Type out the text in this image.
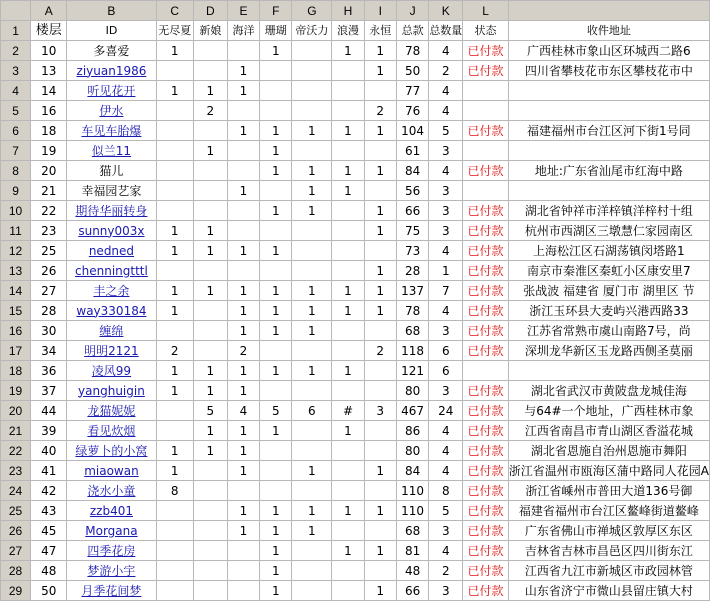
	A	B	C	D	E	F	G	H	I	J	K	L	
1	楼层	ID	无尽夏	新娘	海洋	珊瑚	帝沃力	浪漫	永恒	总款	总数量	状态	收件地址
2	10	多喜爱	1			1		1	1	78	4	已付款	广西桂林市象山区环城西二路6
3	13	ziyuan1986			1				1	50	2	已付款	四川省攀枝花市东区攀枝花市中
4	14	听见花开	1	1	1					77	4		
5	16	伊水		2					2	76	4		
6	18	车见车胎爆			1	1	1	1	1	104	5	已付款	福建福州市台江区河下街1号同
7	19	似兰11		1		1				61	3		
8	20	猫儿				1	1	1	1	84	4	已付款	地址:广东省汕尾市红海中路
9	21	幸福园艺家			1		1	1		56	3		
10	22	期待华丽转身				1	1		1	66	3	已付款	湖北省钟祥市洋梓镇洋梓村十组
11	23	sunny003x	1	1					1	75	3	已付款	杭州市西湖区三墩慧仁家园南区
12	25	nedned	1	1	1	1				73	4	已付款	上海松江区石湖荡镇闵塔路1
13	26	chenningtttl							1	28	1	已付款	南京市秦淮区秦虹小区康安里7
14	27	丰之余	1	1	1	1	1	1	1	137	7	已付款	张战波 福建省 厦门市 湖里区 节
15	28	way330184	1		1	1	1	1	1	78	4	已付款	浙江玉环县大麦屿兴港西路33
16	30	缠绵			1	1	1			68	3	已付款	江苏省常熟市虞山南路7号，尚
17	34	明明2121	2		2				2	118	6	已付款	深圳龙华新区玉龙路西侧圣莫丽
18	36	凌风99	1	1	1	1	1	1		121	6		
19	37	yanghuigin	1	1	1					80	3	已付款	湖北省武汉市黄陂盘龙城佳海
20	44	龙猫妮妮		5	4	5	6	#	3	467	24	已付款	与64#一个地址，广西桂林市象
21	39	看见炊烟		1	1	1		1		86	4	已付款	江西省南昌市青山湖区香溢花城
22	40	绿萝卜的小窝	1	1	1					80	4	已付款	湖北省恩施自治州恩施市舞阳
23	41	miaowan	1		1		1		1	84	4	已付款	浙江省温州市瓯海区蒲中路同人花园A
24	42	浇水小童	8							110	8	已付款	浙江省嵊州市普田大道136号御
25	43	zzb401			1	1	1	1	1	110	5	已付款	福建省福州市台江区鳌峰街道鳌峰
26	45	Morgana			1	1	1			68	3	已付款	广东省佛山市禅城区敦厚区东区
27	47	四季花房				1		1	1	81	4	已付款	吉林省吉林市昌邑区四川街东江
28	48	梦游小宇				1				48	2	已付款	江西省九江市新城区市政园林管
29	50	月季花间梦				1			1	66	3	已付款	山东省济宁市微山县留庄镇大村
